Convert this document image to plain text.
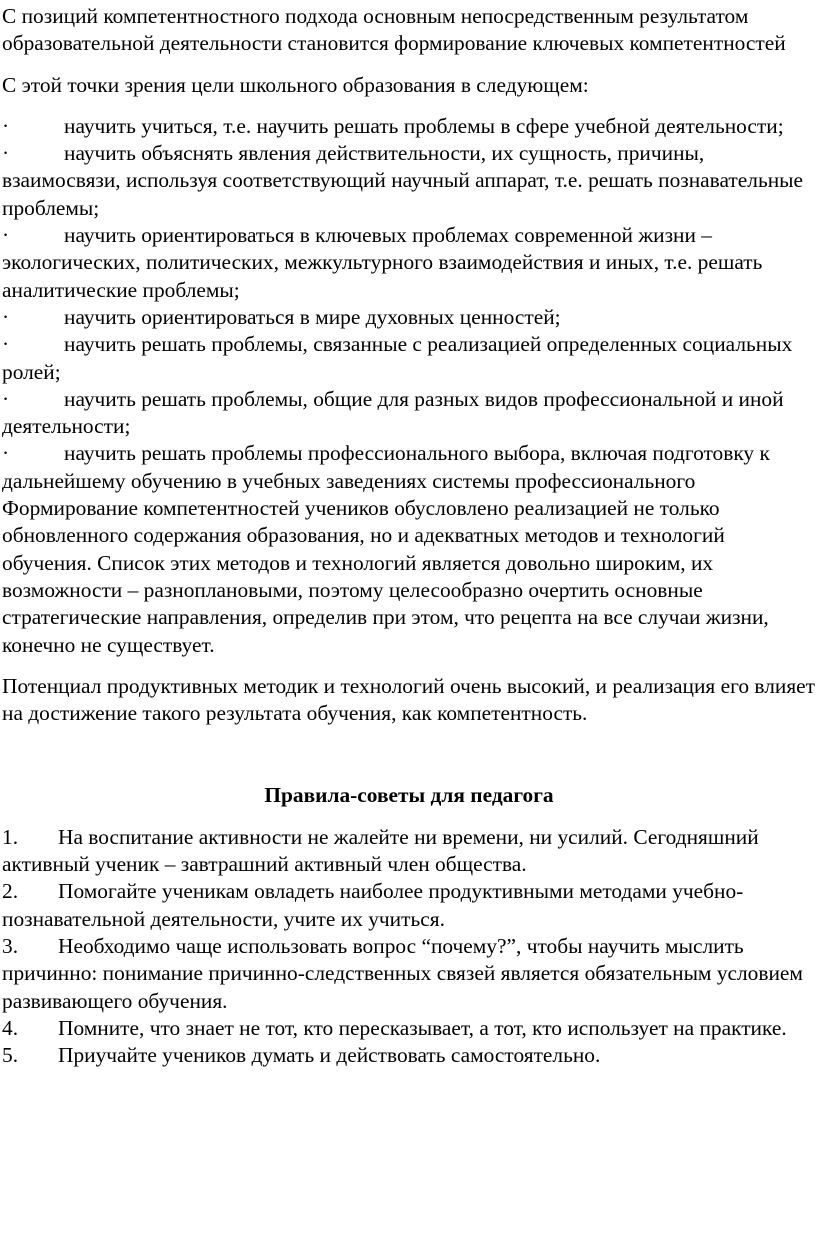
С позиций компетентностного подхода основным непосредственным результатом образовательной деятельности становится формирование ключевых компетентностей

С этой точки зрения цели школьного образования в следующем:

·	научить учиться, т.е. научить решать проблемы в сфере учебной деятельности;

·	научить объяснять явления действительности, их сущность, причины, взаимосвязи, используя соответствующий научный аппарат, т.е. решать познавательные проблемы;

·	научить ориентироваться в ключевых проблемах современной жизни – экологических, политических, межкультурного взаимодействия и иных, т.е. решать аналитические проблемы;

·	научить ориентироваться в мире духовных ценностей;

·	научить решать проблемы, связанные с реализацией определенных социальных ролей;

·	научить решать проблемы, общие для разных видов профессиональной и иной деятельности;

·	научить решать проблемы профессионального выбора, включая подготовку к дальнейшему обучению в учебных заведениях системы профессионального

Формирование компетентностей учеников обусловлено реализацией не только обновленного содержания образования, но и адекватных методов и технологий обучения. Список этих методов и технологий является довольно широким, их возможности – разноплановыми, поэтому целесообразно очертить основные стратегические направления, определив при этом, что рецепта на все случаи жизни, конечно не существует.

Потенциал продуктивных методик и технологий очень высокий, и реализация его влияет на достижение такого результата обучения, как компетентность.

Правила-советы для педагога

1. На воспитание активности не жалейте ни времени, ни усилий. Сегодняшний активный ученик – завтрашний активный член общества.

2. Помогайте ученикам овладеть наиболее продуктивными методами учебно-познавательной деятельности, учите их учиться.

3. Необходимо чаще использовать вопрос “почему?”, чтобы научить мыслить причинно: понимание причинно-следственных связей является обязательным условием развивающего обучения.

4. Помните, что знает не тот, кто пересказывает, а тот, кто использует на практике.

5. Приучайте учеников думать и действовать самостоятельно.
